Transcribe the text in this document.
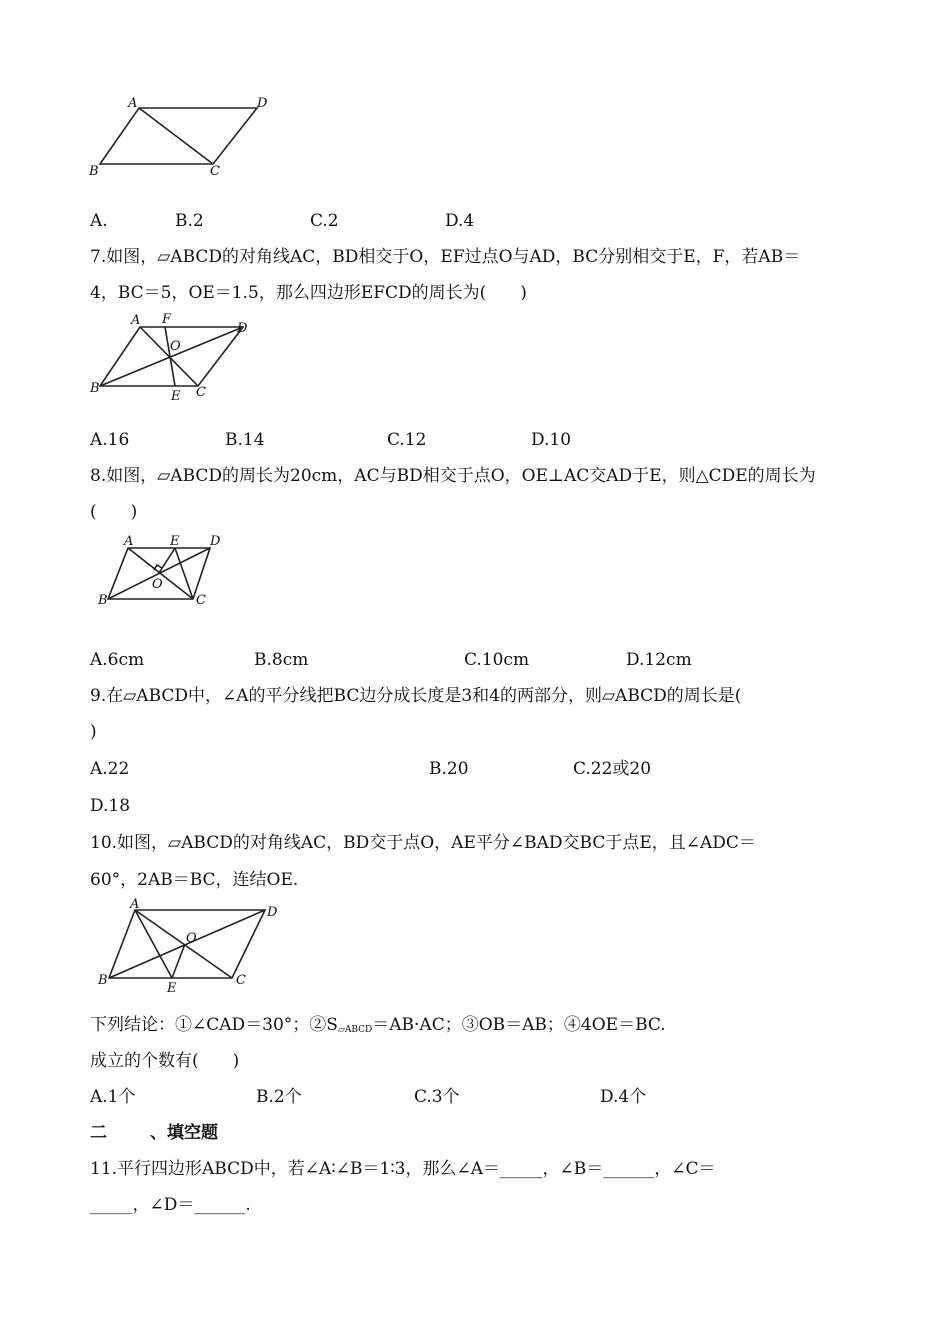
A	D
B	C
A.	B.2	C.2	D.4
7.如图，▱ABCD的对角线AC，BD相交于O，EF过点O与AD，BC分别相交于E，F，若AB＝
4，BC＝5，OE＝1.5，那么四边形EFCD的周长为(　　)
A F
D
O
B
E C
A.16	B.14	C.12	D.10
8.如图，▱ABCD的周长为20cm，AC与BD相交于点O，OE⊥AC交AD于E，则△CDE的周长为
(　　)
A	E D
O
B	C
A.6cm	B.8cm	C.10cm	D.12cm
9.在▱ABCD中，∠A的平分线把BC边分成长度是3和4的两部分，则▱ABCD的周长是(
)
A.22	B.20	C.22或20
D.18
10.如图，▱ABCD的对角线AC，BD交于点O，AE平分∠BAD交BC于点E，且∠ADC＝
60°，2AB＝BC，连结OE.
A
D
O
B
E
C
下列结论：①∠CAD＝30°；$②S_{▱ABCD}=AB\cdot AC$；③OB＝AB；④4OE＝BC.
成立的个数有(　　)
A.1个	B.2个	C.3个	D.4个
二	、填空题
11.平行四边形ABCD中，若∠A∶∠B＝1∶3，那么∠A＝_____，∠B＝______，∠C＝
_____，∠D＝______.
